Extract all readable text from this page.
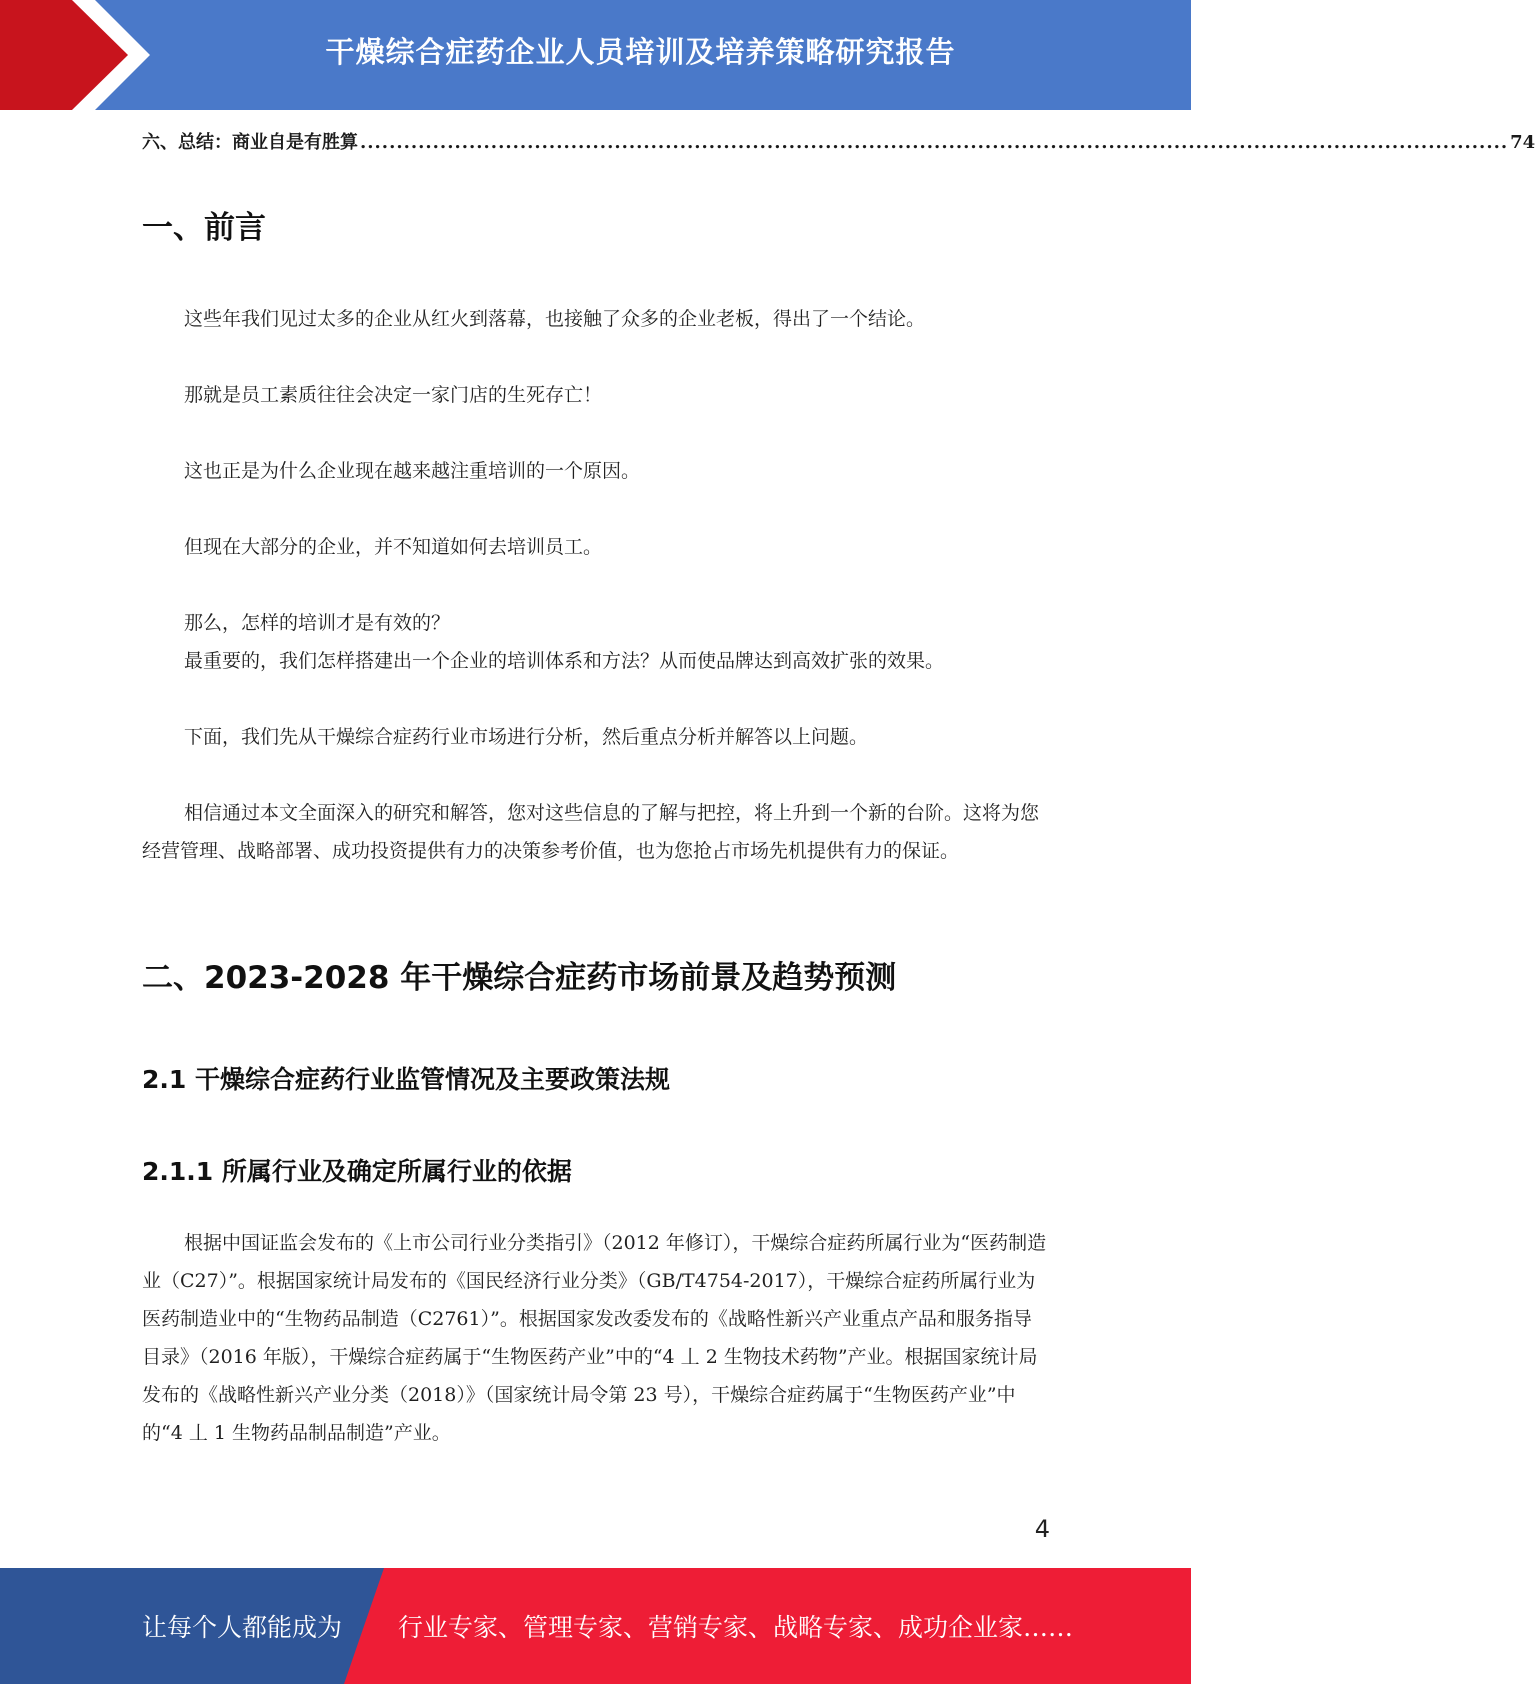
干燥综合症药企业人员培训及培养策略研究报告
六、总结：商业自是有胜算 .............................................................................................................................................................. 74
一、前言

这些年我们见过太多的企业从红火到落幕，也接触了众多的企业老板，得出了一个结论。

那就是员工素质往往会决定一家门店的生死存亡！

这也正是为什么企业现在越来越注重培训的一个原因。

但现在大部分的企业，并不知道如何去培训员工。

那么，怎样的培训才是有效的？

最重要的，我们怎样搭建出一个企业的培训体系和方法？从而使品牌达到高效扩张的效果。

下面，我们先从干燥综合症药行业市场进行分析，然后重点分析并解答以上问题。

相信通过本文全面深入的研究和解答，您对这些信息的了解与把控，将上升到一个新的台阶。这将为您经营管理、战略部署、成功投资提供有力的决策参考价值，也为您抢占市场先机提供有力的保证。

二、2023-2028 年干燥综合症药市场前景及趋势预测
2.1 干燥综合症药行业监管情况及主要政策法规
2.1.1 所属行业及确定所属行业的依据

根据中国证监会发布的《上市公司行业分类指引》（2012 年修订），干燥综合症药所属行业为“医药制造业（C27）”。根据国家统计局发布的《国民经济行业分类》（GB/T4754-2017），干燥综合症药所属行业为医药制造业中的“生物药品制造（C2761）”。根据国家发改委发布的《战略性新兴产业重点产品和服务指导目录》（2016 年版），干燥综合症药属于“生物医药产业”中的“4 丄 2 生物技术药物”产业。根据国家统计局发布的《战略性新兴产业分类（2018）》（国家统计局令第 23 号），干燥综合症药属于“生物医药产业”中的“4 丄 1 生物药品制品制造”产业。

4
让每个人都能成为 行业专家、管理专家、营销专家、战略专家、成功企业家……
